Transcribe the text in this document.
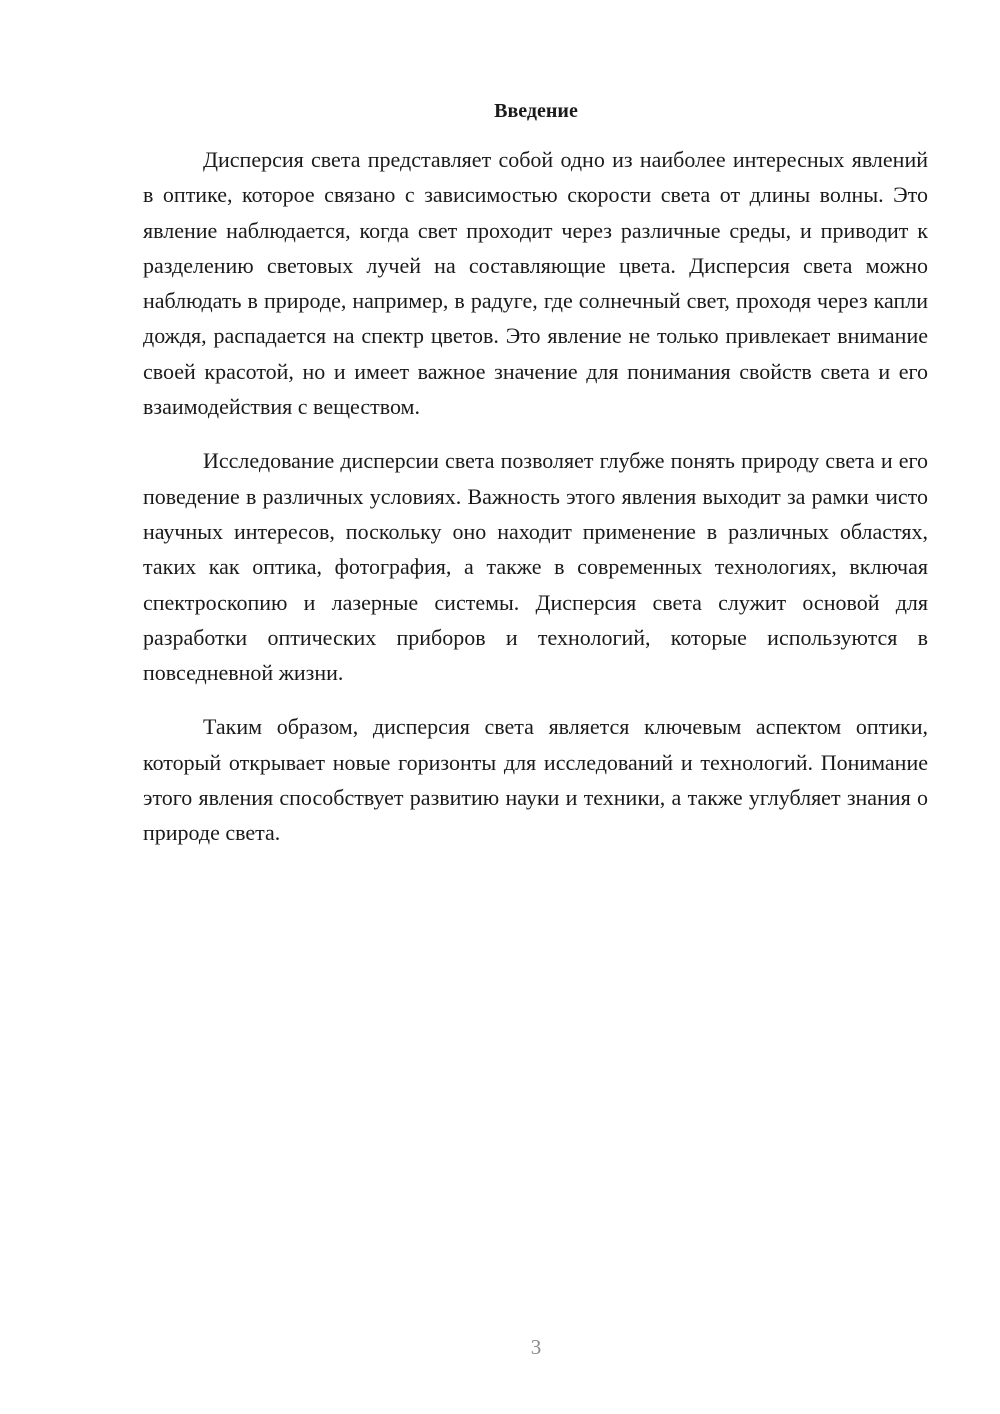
Введение

Дисперсия света представляет собой одно из наиболее интересных явлений в оптике, которое связано с зависимостью скорости света от длины волны. Это явление наблюдается, когда свет проходит через различные среды, и приводит к разделению световых лучей на составляющие цвета. Дисперсия света можно наблюдать в природе, например, в радуге, где солнечный свет, проходя через капли дождя, распадается на спектр цветов. Это явление не только привлекает внимание своей красотой, но и имеет важное значение для понимания свойств света и его взаимодействия с веществом.

Исследование дисперсии света позволяет глубже понять природу света и его поведение в различных условиях. Важность этого явления выходит за рамки чисто научных интересов, поскольку оно находит применение в различных областях, таких как оптика, фотография, а также в современных технологиях, включая спектроскопию и лазерные системы. Дисперсия света служит основой для разработки оптических приборов и технологий, которые используются в повседневной жизни.

Таким образом, дисперсия света является ключевым аспектом оптики, который открывает новые горизонты для исследований и технологий. Понимание этого явления способствует развитию науки и техники, а также углубляет знания о природе света.

3
